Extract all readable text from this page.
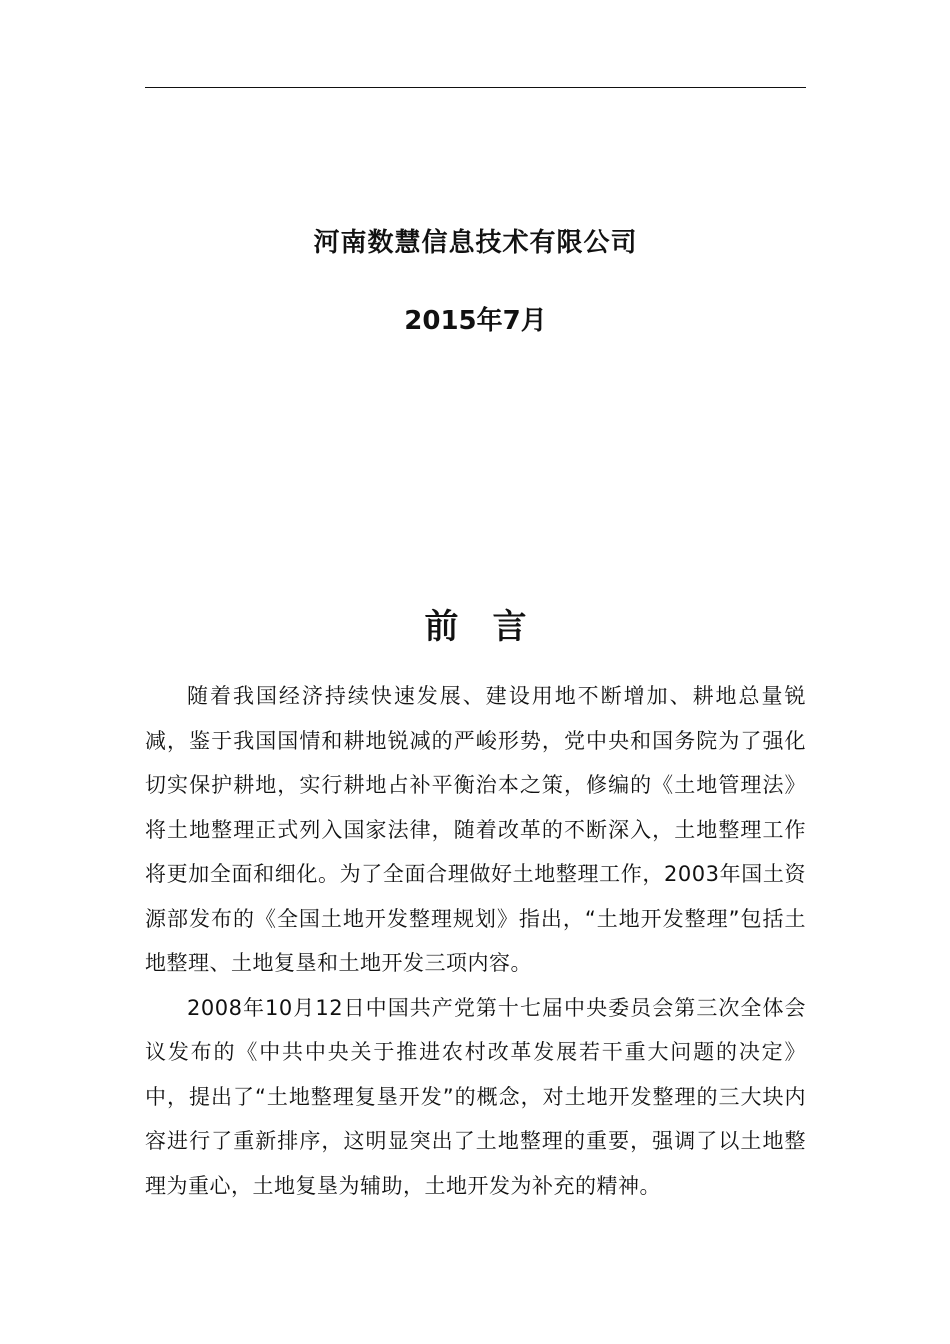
河南数慧信息技术有限公司
2015年7月
前　言

随着我国经济持续快速发展、建设用地不断增加、耕地总量锐减，鉴于我国国情和耕地锐减的严峻形势，党中央和国务院为了强化切实保护耕地，实行耕地占补平衡治本之策，修编的《土地管理法》将土地整理正式列入国家法律，随着改革的不断深入，土地整理工作将更加全面和细化。为了全面合理做好土地整理工作，2003年国土资源部发布的《全国土地开发整理规划》指出，“土地开发整理”包括土地整理、土地复垦和土地开发三项内容。

2008年10月12日中国共产党第十七届中央委员会第三次全体会议发布的《中共中央关于推进农村改革发展若干重大问题的决定》中，提出了“土地整理复垦开发”的概念，对土地开发整理的三大块内容进行了重新排序，这明显突出了土地整理的重要，强调了以土地整理为重心，土地复垦为辅助，土地开发为补充的精神。
